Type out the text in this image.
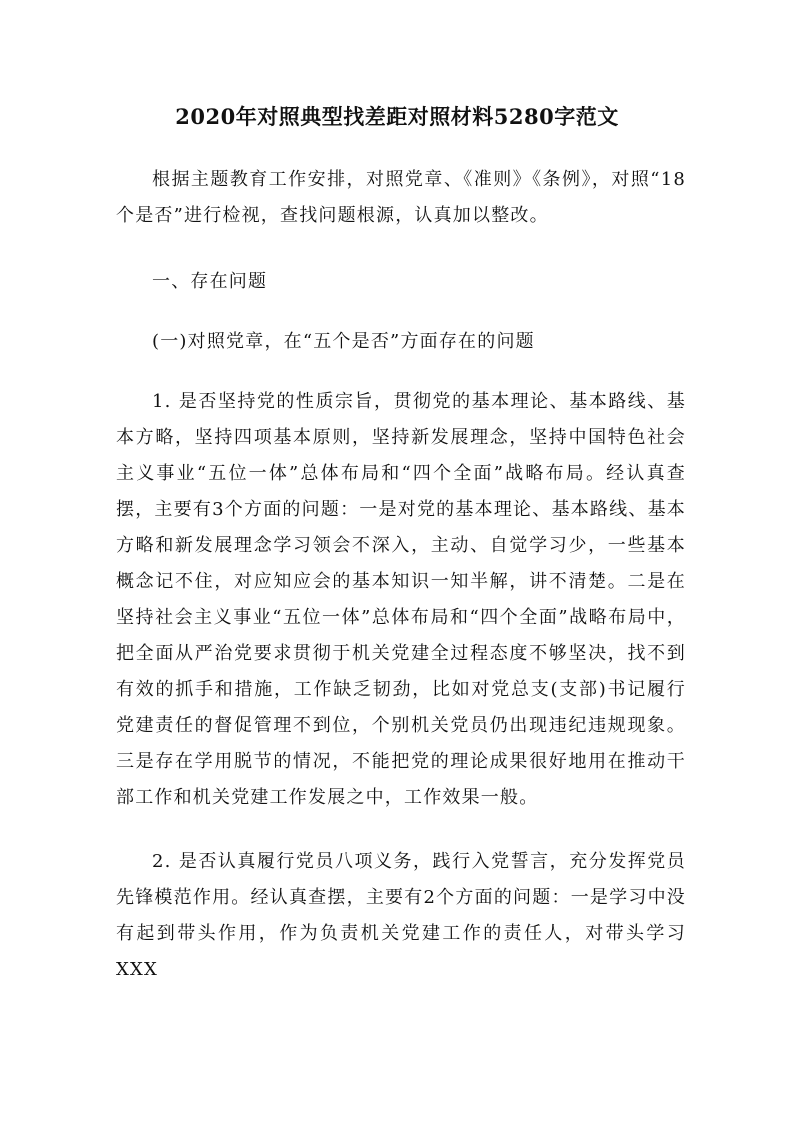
2020年对照典型找差距对照材料5280字范文

根据主题教育工作安排，对照党章、《准则》《条例》，对照“18个是否”进行检视，查找问题根源，认真加以整改。

一、存在问题

(一)对照党章，在“五个是否”方面存在的问题

1. 是否坚持党的性质宗旨，贯彻党的基本理论、基本路线、基本方略，坚持四项基本原则，坚持新发展理念，坚持中国特色社会主义事业“五位一体”总体布局和“四个全面”战略布局。经认真查摆，主要有3个方面的问题：一是对党的基本理论、基本路线、基本方略和新发展理念学习领会不深入，主动、自觉学习少，一些基本概念记不住，对应知应会的基本知识一知半解，讲不清楚。二是在坚持社会主义事业“五位一体”总体布局和“四个全面”战略布局中，把全面从严治党要求贯彻于机关党建全过程态度不够坚决，找不到有效的抓手和措施，工作缺乏韧劲，比如对党总支(支部)书记履行党建责任的督促管理不到位，个别机关党员仍出现违纪违规现象。三是存在学用脱节的情况，不能把党的理论成果很好地用在推动干部工作和机关党建工作发展之中，工作效果一般。

2. 是否认真履行党员八项义务，践行入党誓言，充分发挥党员先锋模范作用。经认真查摆，主要有2个方面的问题：一是学习中没有起到带头作用，作为负责机关党建工作的责任人，对带头学习XXX
